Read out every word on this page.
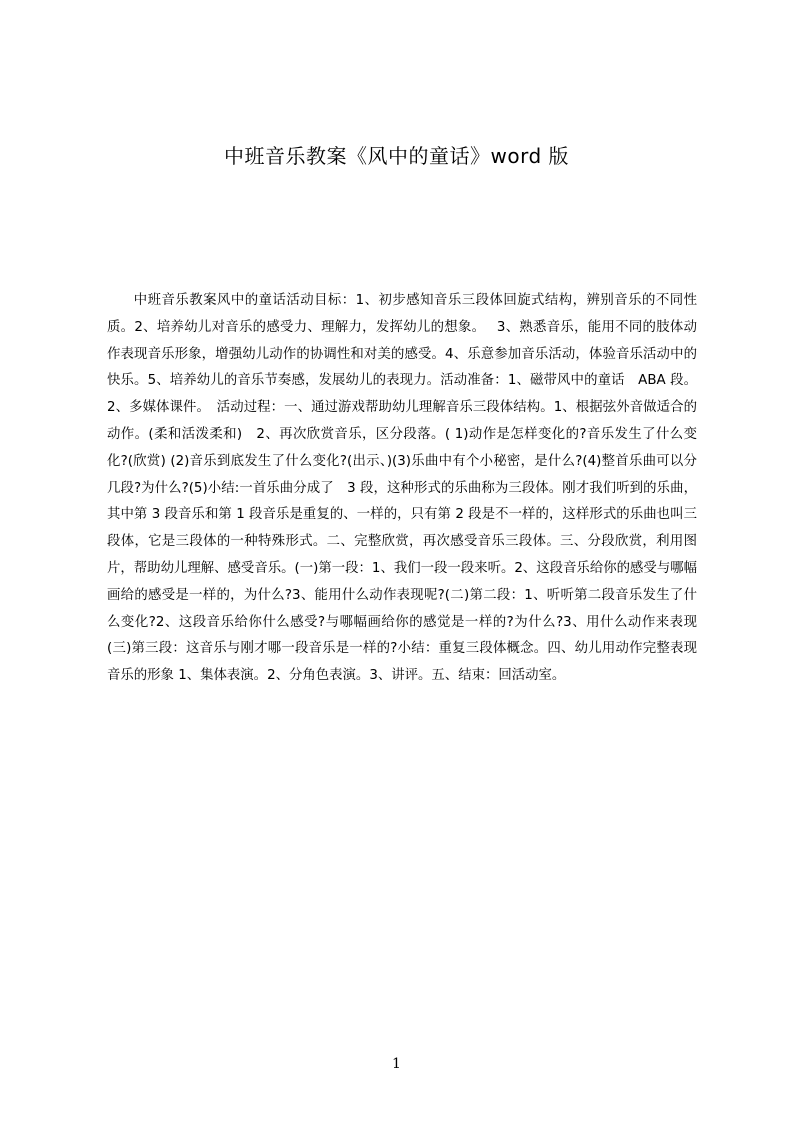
中班音乐教案《风中的童话》word 版
中班音乐教案风中的童话活动目标：1、初步感知音乐三段体回旋式结构，辨别音乐的不同性质。2、培养幼儿对音乐的感受力、理解力，发挥幼儿的想象。　 3、熟悉音乐，能用不同的肢体动作表现音乐形象，增强幼儿动作的协调性和对美的感受。4、乐意参加音乐活动，体验音乐活动中的快乐。5、培养幼儿的音乐节奏感，发展幼儿的表现力。活动准备：1、磁带风中的童话　ABA 段。2、多媒体课件。　活动过程：一、通过游戏帮助幼儿理解音乐三段体结构。1、根据弦外音做适合的动作。(柔和活泼柔和)　2、再次欣赏音乐，区分段落。( 1)动作是怎样变化的?音乐发生了什么变化?(欣赏) (2)音乐到底发生了什么变化?(出示、)(3)乐曲中有个小秘密，是什么?(4)整首乐曲可以分几段?为什么?(5)小结:一首乐曲分成了　3 段，这种形式的乐曲称为三段体。刚才我们听到的乐曲，其中第 3 段音乐和第 1 段音乐是重复的、一样的，只有第 2 段是不一样的，这样形式的乐曲也叫三段体，它是三段体的一种特殊形式。二、完整欣赏，再次感受音乐三段体。三、分段欣赏，利用图片，帮助幼儿理解、感受音乐。(一)第一段：1、我们一段一段来听。2、这段音乐给你的感受与哪幅画给的感受是一样的，为什么?3、能用什么动作表现呢?(二)第二段：1、听听第二段音乐发生了什么变化?2、这段音乐给你什么感受?与哪幅画给你的感觉是一样的?为什么?3、用什么动作来表现(三)第三段：这音乐与刚才哪一段音乐是一样的?小结：重复三段体概念。四、幼儿用动作完整表现音乐的形象 1、集体表演。2、分角色表演。3、讲评。五、结束：回活动室。
1
